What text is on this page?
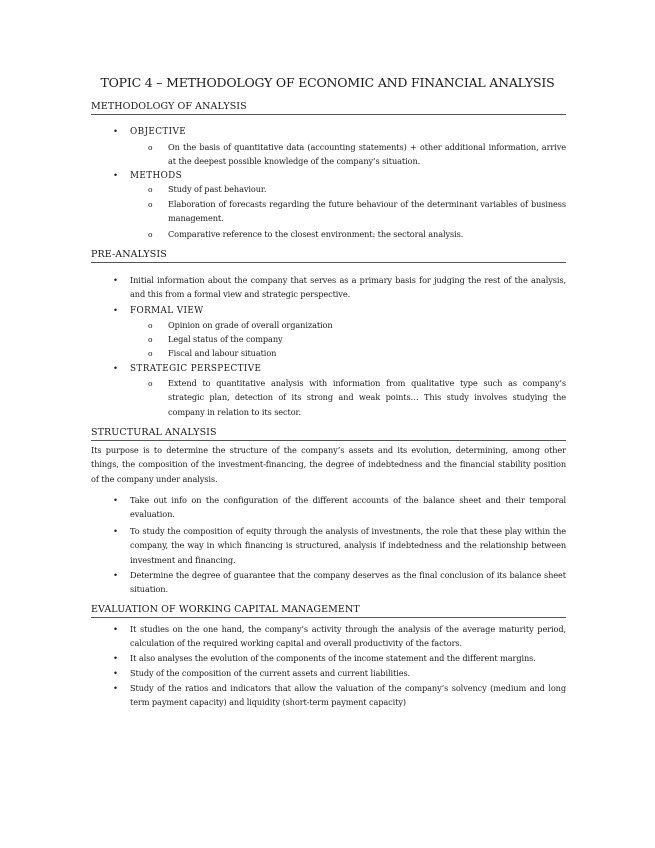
TOPIC 4 – METHODOLOGY OF ECONOMIC AND FINANCIAL ANALYSIS
METHODOLOGY OF ANALYSIS
• OBJECTIVE
o On the basis of quantitative data (accounting statements) + other additional information, arrive at the deepest possible knowledge of the company’s situation.
• METHODS
o Study of past behaviour.
o Elaboration of forecasts regarding the future behaviour of the determinant variables of business management.
o Comparative reference to the closest environment: the sectoral analysis.
PRE-ANALYSIS
• Initial information about the company that serves as a primary basis for judging the rest of the analysis, and this from a formal view and strategic perspective.
• FORMAL VIEW
o Opinion on grade of overall organization
o Legal status of the company
o Fiscal and labour situation
• STRATEGIC PERSPECTIVE
o Extend to quantitative analysis with information from qualitative type such as company’s strategic plan, detection of its strong and weak points… This study involves studying the company in relation to its sector.
STRUCTURAL ANALYSIS
Its purpose is to determine the structure of the company’s assets and its evolution, determining, among other things, the composition of the investment-financing, the degree of indebtedness and the financial stability position of the company under analysis.
• Take out info on the configuration of the different accounts of the balance sheet and their temporal evaluation.
• To study the composition of equity through the analysis of investments, the role that these play within the company, the way in which financing is structured, analysis if indebtedness and the relationship between investment and financing.
• Determine the degree of guarantee that the company deserves as the final conclusion of its balance sheet situation.
EVALUATION OF WORKING CAPITAL MANAGEMENT
• It studies on the one hand, the company’s activity through the analysis of the average maturity period, calculation of the required working capital and overall productivity of the factors.
• It also analyses the evolution of the components of the income statement and the different margins.
• Study of the composition of the current assets and current liabilities.
• Study of the ratios and indicators that allow the valuation of the company’s solvency (medium and long term payment capacity) and liquidity (short-term payment capacity)
